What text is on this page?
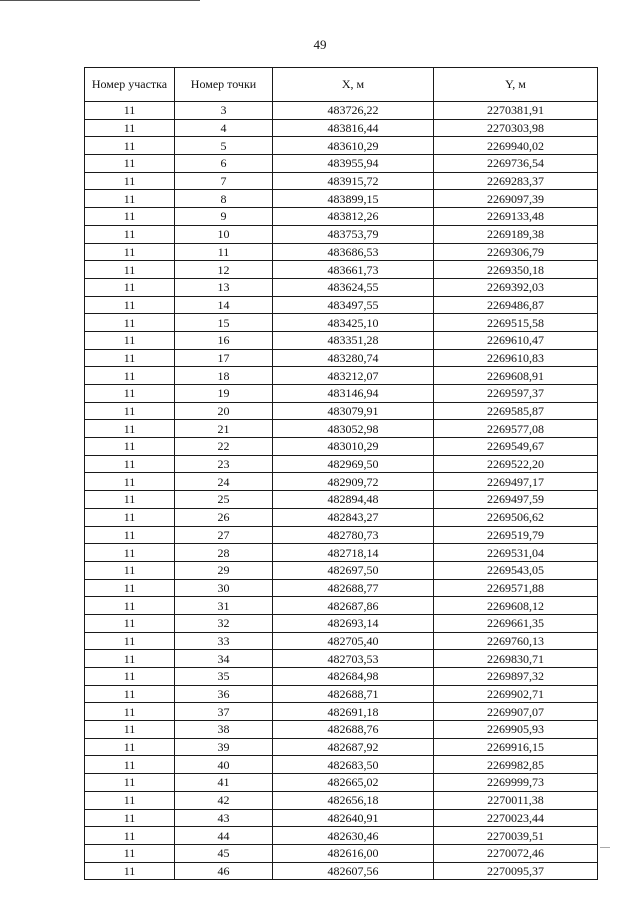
49
Номер участка	Номер точки	X, м	Y, м
11	3	483726,22	2270381,91
11	4	483816,44	2270303,98
11	5	483610,29	2269940,02
11	6	483955,94	2269736,54
11	7	483915,72	2269283,37
11	8	483899,15	2269097,39
11	9	483812,26	2269133,48
11	10	483753,79	2269189,38
11	11	483686,53	2269306,79
11	12	483661,73	2269350,18
11	13	483624,55	2269392,03
11	14	483497,55	2269486,87
11	15	483425,10	2269515,58
11	16	483351,28	2269610,47
11	17	483280,74	2269610,83
11	18	483212,07	2269608,91
11	19	483146,94	2269597,37
11	20	483079,91	2269585,87
11	21	483052,98	2269577,08
11	22	483010,29	2269549,67
11	23	482969,50	2269522,20
11	24	482909,72	2269497,17
11	25	482894,48	2269497,59
11	26	482843,27	2269506,62
11	27	482780,73	2269519,79
11	28	482718,14	2269531,04
11	29	482697,50	2269543,05
11	30	482688,77	2269571,88
11	31	482687,86	2269608,12
11	32	482693,14	2269661,35
11	33	482705,40	2269760,13
11	34	482703,53	2269830,71
11	35	482684,98	2269897,32
11	36	482688,71	2269902,71
11	37	482691,18	2269907,07
11	38	482688,76	2269905,93
11	39	482687,92	2269916,15
11	40	482683,50	2269982,85
11	41	482665,02	2269999,73
11	42	482656,18	2270011,38
11	43	482640,91	2270023,44
11	44	482630,46	2270039,51
11	45	482616,00	2270072,46
11	46	482607,56	2270095,37
